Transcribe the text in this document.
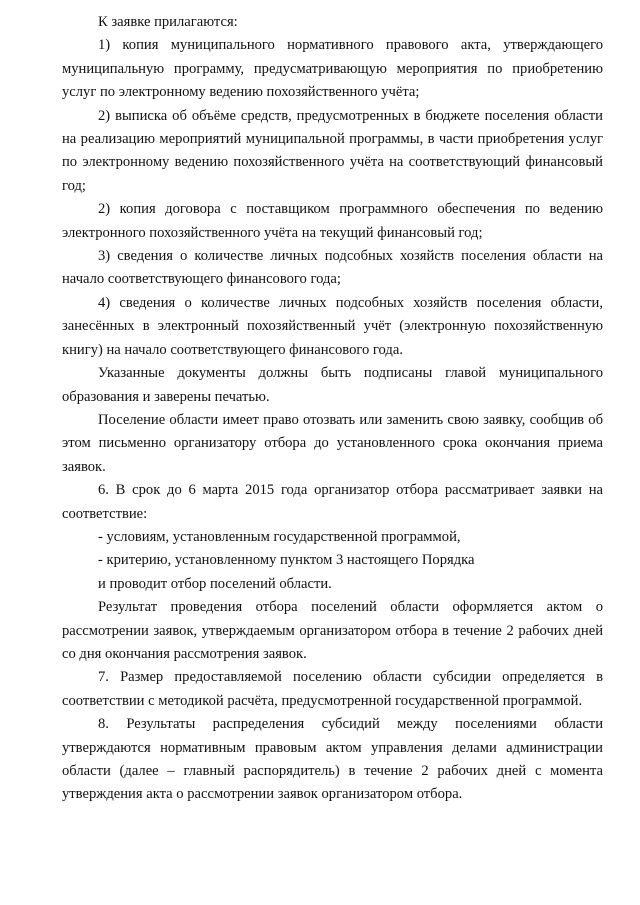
К заявке прилагаются:

1) копия муниципального нормативного правового акта, утверждающего муниципальную программу, предусматривающую мероприятия по приобретению услуг по электронному ведению похозяйственного учёта;

2) выписка об объёме средств, предусмотренных в бюджете поселения области на реализацию мероприятий муниципальной программы, в части приобретения услуг по электронному ведению похозяйственного учёта на соответствующий финансовый год;

2) копия договора с поставщиком программного обеспечения по ведению электронного похозяйственного учёта на текущий финансовый год;

3) сведения о количестве личных подсобных хозяйств поселения области на начало соответствующего финансового года;

4) сведения о количестве личных подсобных хозяйств поселения области, занесённых в электронный похозяйственный учёт (электронную похозяйственную книгу) на начало соответствующего финансового года.

Указанные документы должны быть подписаны главой муниципального образования и заверены печатью.

Поселение области имеет право отозвать или заменить свою заявку, сообщив об этом письменно организатору отбора до установленного срока окончания приема заявок.

6. В срок до 6 марта 2015 года организатор отбора рассматривает заявки на соответствие:

- условиям, установленным государственной программой,

- критерию, установленному пунктом 3 настоящего Порядка

и проводит отбор поселений области.

Результат проведения отбора поселений области оформляется актом о рассмотрении заявок, утверждаемым организатором отбора в течение 2 рабочих дней со дня окончания рассмотрения заявок.

7. Размер предоставляемой поселению области субсидии определяется в соответствии с методикой расчёта, предусмотренной государственной программой.

8. Результаты распределения субсидий между поселениями области утверждаются нормативным правовым актом управления делами администрации области (далее – главный распорядитель) в течение 2 рабочих дней с момента утверждения акта о рассмотрении заявок организатором отбора.
